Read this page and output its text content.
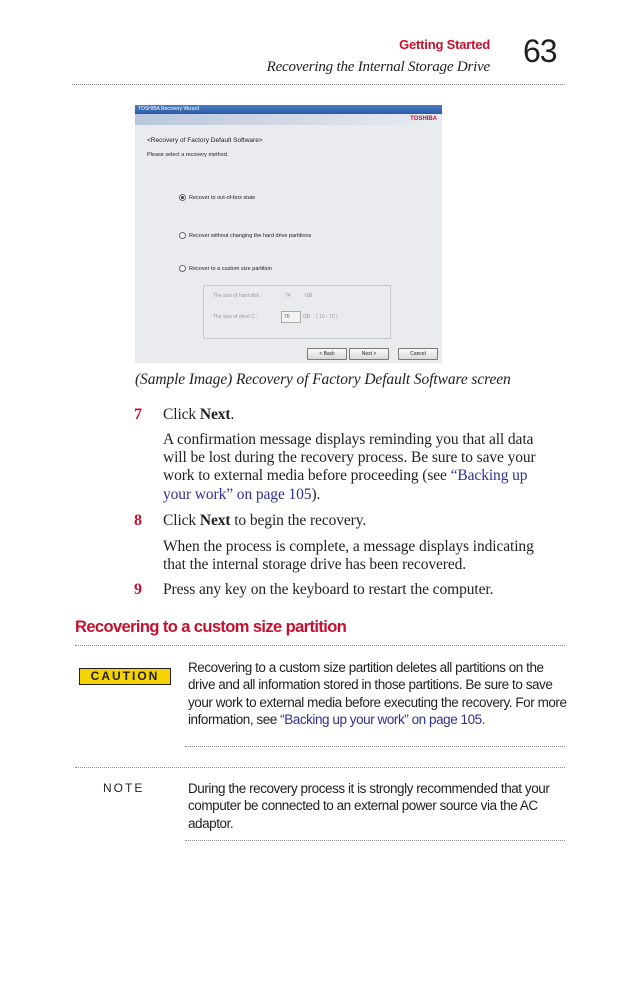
Getting Started
Recovering the Internal Storage Drive 63
TOSHIBA Recovery Wizard
TOSHIBA
<Recovery of Factory Default Software>
Please select a recovery method.
Recover to out-of-box state
Recover without changing the hard drive partitions
Recover to a custom size partition
The size of hard disk :	74	GB
The size of drive C :	70	GB ( 10 - 70 )
< Back	Next >	Cancel
(Sample Image) Recovery of Factory Default Software screen
7 Click Next.
A confirmation message displays reminding you that all data
will be lost during the recovery process. Be sure to save your
work to external media before proceeding (see “Backing up
your work” on page 105).
8 Click Next to begin the recovery.
When the process is complete, a message displays indicating
that the internal storage drive has been recovered.
9 Press any key on the keyboard to restart the computer.
Recovering to a custom size partition
CAUTION
Recovering to a custom size partition deletes all partitions on the
drive and all information stored in those partitions. Be sure to save
your work to external media before executing the recovery. For more
information, see “Backing up your work” on page 105.
NOTE	During the recovery process it is strongly recommended that your
computer be connected to an external power source via the AC
adaptor.
